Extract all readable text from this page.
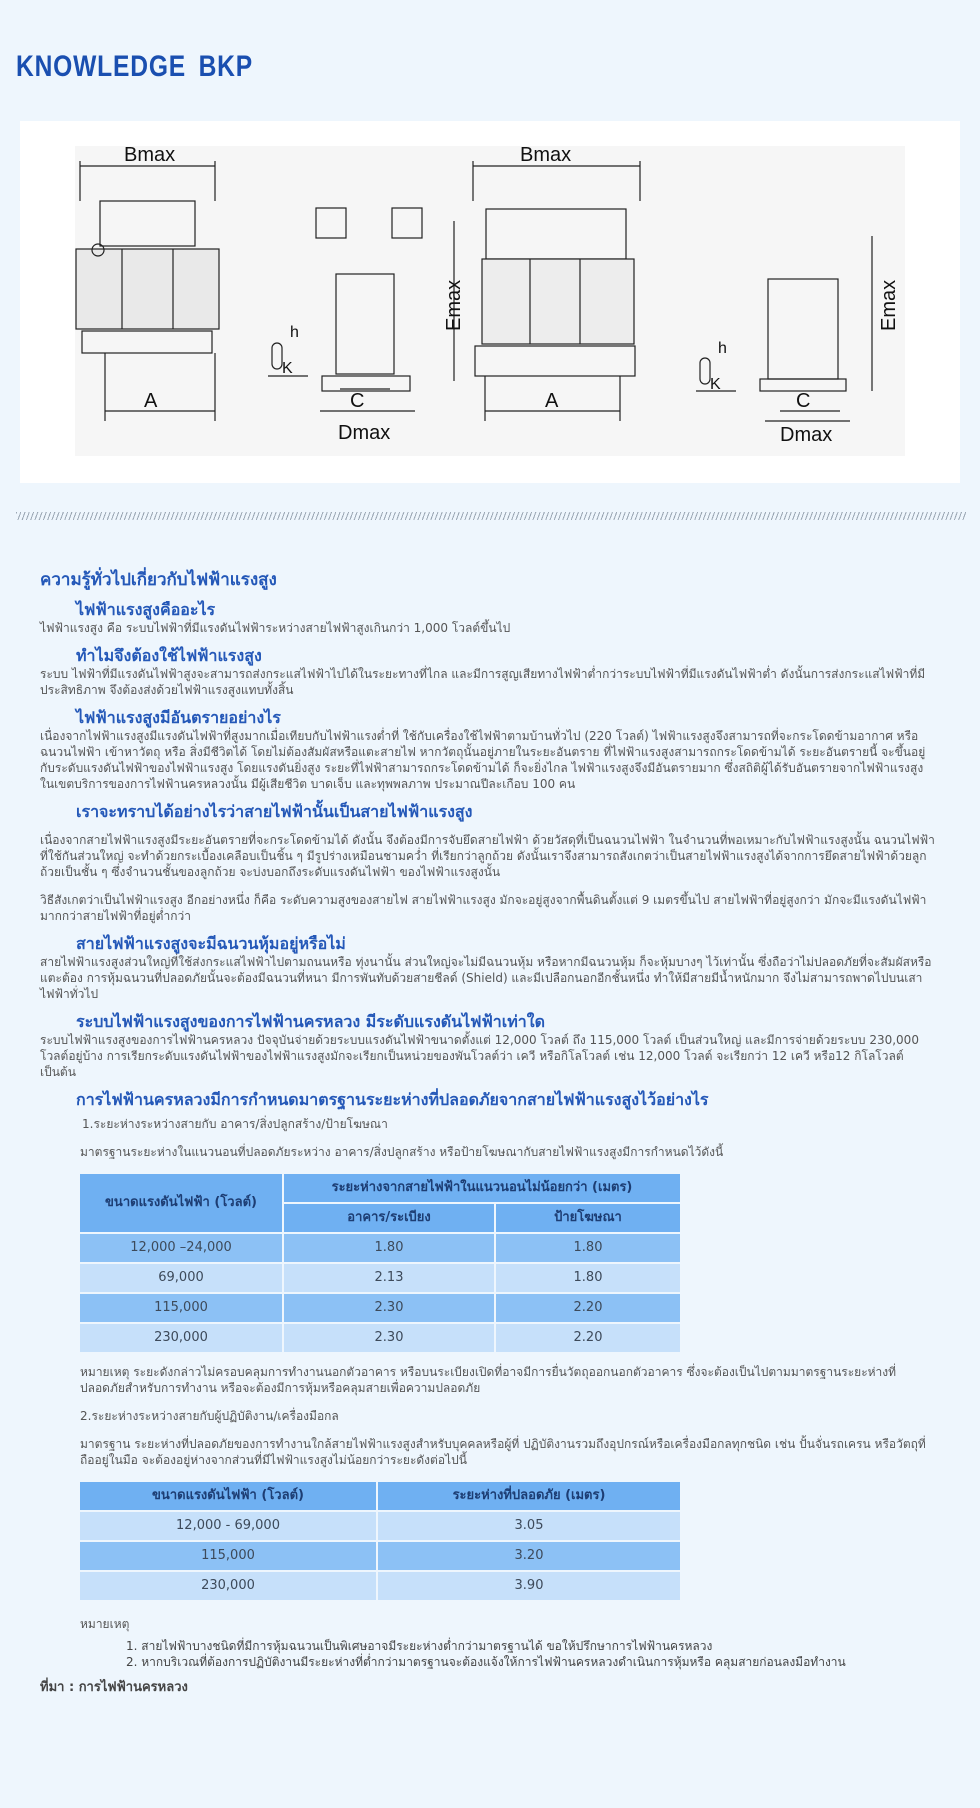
KNOWLEDGE BKP
Bmax
A
h
K
C
Dmax
Emax
Bmax
A
h
K
C
Dmax
Emax
ความรู้ทั่วไปเกี่ยวกับไฟฟ้าแรงสูง
ไฟฟ้าแรงสูงคืออะไร

ไฟฟ้าแรงสูง คือ ระบบไฟฟ้าที่มีแรงดันไฟฟ้าระหว่างสายไฟฟ้าสูงเกินกว่า 1,000 โวลต์ขึ้นไป

ทำไมจึงต้องใช้ไฟฟ้าแรงสูง

ระบบ ไฟฟ้าที่มีแรงดันไฟฟ้าสูงจะสามารถส่งกระแสไฟฟ้าไปได้ในระยะทางที่ไกล และมีการสูญเสียทางไฟฟ้าต่ำกว่าระบบไฟฟ้าที่มีแรงดันไฟฟ้าต่ำ ดังนั้นการส่งกระแสไฟฟ้าที่มีประสิทธิภาพ จึงต้องส่งด้วยไฟฟ้าแรงสูงแทบทั้งสิ้น

ไฟฟ้าแรงสูงมีอันตรายอย่างไร

เนื่องจากไฟฟ้าแรงสูงมีแรงดันไฟฟ้าที่สูงมากเมื่อเทียบกับไฟฟ้าแรงต่ำที่ ใช้กับเครื่องใช้ไฟฟ้าตามบ้านทั่วไป (220 โวลต์) ไฟฟ้าแรงสูงจึงสามารถที่จะกระโดดข้ามอากาศ หรือฉนวนไฟฟ้า เข้าหาวัตถุ หรือ สิ่งมีชีวิตได้ โดยไม่ต้องสัมผัสหรือแตะสายไฟ หากวัตถุนั้นอยู่ภายในระยะอันตราย ที่ไฟฟ้าแรงสูงสามารถกระโดดข้ามได้ ระยะอันตรายนี้ จะขึ้นอยู่กับระดับแรงดันไฟฟ้าของไฟฟ้าแรงสูง โดยแรงดันยิ่งสูง ระยะที่ไฟฟ้าสามารถกระโดดข้ามได้ ก็จะยิ่งไกล ไฟฟ้าแรงสูงจึงมีอันตรายมาก ซึ่งสถิติผู้ได้รับอันตรายจากไฟฟ้าแรงสูง ในเขตบริการของการไฟฟ้านครหลวงนั้น มีผู้เสียชีวิต บาดเจ็บ และทุพพลภาพ ประมาณปีละเกือบ 100 คน

เราจะทราบได้อย่างไรว่าสายไฟฟ้านั้นเป็นสายไฟฟ้าแรงสูง

เนื่องจากสายไฟฟ้าแรงสูงมีระยะอันตรายที่จะกระโดดข้ามได้ ดังนั้น จึงต้องมีการจับยึดสายไฟฟ้า ด้วยวัสดุที่เป็นฉนวนไฟฟ้า ในจำนวนที่พอเหมาะกับไฟฟ้าแรงสูงนั้น ฉนวนไฟฟ้าที่ใช้กันส่วนใหญ่ จะทำด้วยกระเบื้องเคลือบเป็นชิ้น ๆ มีรูปร่างเหมือนชามคว่ำ ที่เรียกว่าลูกถ้วย ดังนั้นเราจึงสามารถสังเกตว่าเป็นสายไฟฟ้าแรงสูงได้จากการยึดสายไฟฟ้าด้วยลูกถ้วยเป็นชั้น ๆ ซึ่งจำนวนชั้นของลูกถ้วย จะบ่งบอกถึงระดับแรงดันไฟฟ้า ของไฟฟ้าแรงสูงนั้น

วิธีสังเกตว่าเป็นไฟฟ้าแรงสูง อีกอย่างหนึ่ง ก็คือ ระดับความสูงของสายไฟ สายไฟฟ้าแรงสูง มักจะอยู่สูงจากพื้นดินตั้งแต่ 9 เมตรขึ้นไป สายไฟฟ้าที่อยู่สูงกว่า มักจะมีแรงดันไฟฟ้ามากกว่าสายไฟฟ้าที่อยู่ต่ำกว่า

สายไฟฟ้าแรงสูงจะมีฉนวนหุ้มอยู่หรือไม่

สายไฟฟ้าแรงสูงส่วนใหญ่ที่ใช้ส่งกระแสไฟฟ้าไปตามถนนหรือ ทุ่งนานั้น ส่วนใหญ่จะไม่มีฉนวนหุ้ม หรือหากมีฉนวนหุ้ม ก็จะหุ้มบางๆ ไว้เท่านั้น ซึ่งถือว่าไม่ปลอดภัยที่จะสัมผัสหรือแตะต้อง การหุ้มฉนวนที่ปลอดภัยนั้นจะต้องมีฉนวนที่หนา มีการพันทับด้วยสายชีลด์ (Shield) และมีเปลือกนอกอีกชั้นหนึ่ง ทำให้มีสายมีน้ำหนักมาก จึงไม่สามารถพาดไปบนเสาไฟฟ้าทั่วไป

ระบบไฟฟ้าแรงสูงของการไฟฟ้านครหลวง มีระดับแรงดันไฟฟ้าเท่าใด

ระบบไฟฟ้าแรงสูงของการไฟฟ้านครหลวง ปัจจุบันจ่ายด้วยระบบแรงดันไฟฟ้าขนาดตั้งแต่ 12,000 โวลต์ ถึง 115,000 โวลต์ เป็นส่วนใหญ่ และมีการจ่ายด้วยระบบ 230,000 โวลต์อยู่บ้าง การเรียกระดับแรงดันไฟฟ้าของไฟฟ้าแรงสูงมักจะเรียกเป็นหน่วยของพันโวลต์ว่า เควี หรือกิโลโวลต์ เช่น 12,000 โวลต์ จะเรียกว่า 12 เควี หรือ12 กิโลโวลต์ เป็นต้น

การไฟฟ้านครหลวงมีการกำหนดมาตรฐานระยะห่างที่ปลอดภัยจากสายไฟฟ้าแรงสูงไว้อย่างไร

1.ระยะห่างระหว่างสายกับ อาคาร/สิ่งปลูกสร้าง/ป้ายโฆษณา

มาตรฐานระยะห่างในแนวนอนที่ปลอดภัยระหว่าง อาคาร/สิ่งปลูกสร้าง หรือป้ายโฆษณากับสายไฟฟ้าแรงสูงมีการกำหนดไว้ดังนี้

ขนาดแรงดันไฟฟ้า (โวลต์)	ระยะห่างจากสายไฟฟ้าในแนวนอนไม่น้อยกว่า (เมตร)	
	อาคาร/ระเบียง	ป้ายโฆษณา
12,000 –24,000	1.80	1.80
69,000	2.13	1.80
115,000	2.30	2.20
230,000	2.30	2.20

หมายเหตุ ระยะดังกล่าวไม่ครอบคลุมการทำงานนอกตัวอาคาร หรือบนระเบียงเปิดที่อาจมีการยื่นวัตถุออกนอกตัวอาคาร ซึ่งจะต้องเป็นไปตามมาตรฐานระยะห่างที่ปลอดภัยสำหรับการทำงาน หรือจะต้องมีการหุ้มหรือคลุมสายเพื่อความปลอดภัย

2.ระยะห่างระหว่างสายกับผู้ปฏิบัติงาน/เครื่องมือกล

มาตรฐาน ระยะห่างที่ปลอดภัยของการทำงานใกล้สายไฟฟ้าแรงสูงสำหรับบุคคลหรือผู้ที่ ปฏิบัติงานรวมถึงอุปกรณ์หรือเครื่องมือกลทุกชนิด เช่น ปั้นจั่นรถเครน หรือวัตถุที่ถืออยู่ในมือ จะต้องอยู่ห่างจากส่วนที่มีไฟฟ้าแรงสูงไม่น้อยกว่าระยะดังต่อไปนี้

ขนาดแรงดันไฟฟ้า (โวลต์)	ระยะห่างที่ปลอดภัย (เมตร)
12,000 - 69,000	3.05
115,000	3.20
230,000	3.90

หมายเหตุ

1. สายไฟฟ้าบางชนิดที่มีการหุ้มฉนวนเป็นพิเศษอาจมีระยะห่างต่ำกว่ามาตรฐานได้ ขอให้ปรึกษาการไฟฟ้านครหลวง
2. หากบริเวณที่ต้องการปฏิบัติงานมีระยะห่างที่ต่ำกว่ามาตรฐานจะต้องแจ้งให้การไฟฟ้านครหลวงดำเนินการหุ้มหรือ คลุมสายก่อนลงมือทำงาน
ที่มา : การไฟฟ้านครหลวง
